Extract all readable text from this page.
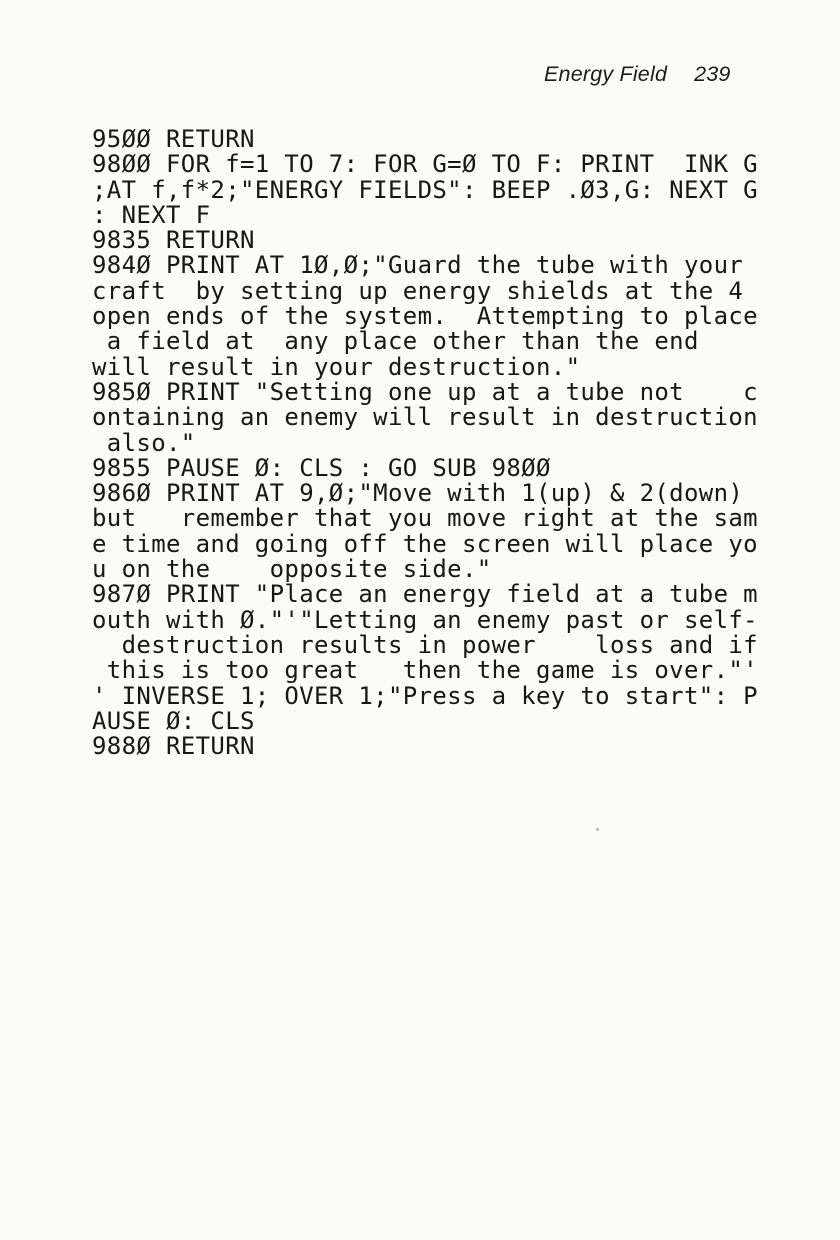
Energy Field 239
95ØØ RETURN
98ØØ FOR f=1 TO 7: FOR G=Ø TO F: PRINT  INK G
;AT f,f*2;"ENERGY FIELDS": BEEP .Ø3,G: NEXT G
: NEXT F
9835 RETURN
984Ø PRINT AT 1Ø,Ø;"Guard the tube with your
craft  by setting up energy shields at the 4
open ends of the system.  Attempting to place
a field at  any place other than the end
will result in your destruction."
985Ø PRINT "Setting one up at a tube not    c
ontaining an enemy will result in destruction
also."
9855 PAUSE Ø: CLS : GO SUB 98ØØ
986Ø PRINT AT 9,Ø;"Move with 1(up) & 2(down)
but   remember that you move right at the sam
e time and going off the screen will place yo
u on the    opposite side."
987Ø PRINT "Place an energy field at a tube m
outh with Ø."'"Letting an enemy past or self-
destruction results in power    loss and if
this is too great   then the game is over."'
' INVERSE 1; OVER 1;"Press a key to start": P
AUSE Ø: CLS
988Ø RETURN
